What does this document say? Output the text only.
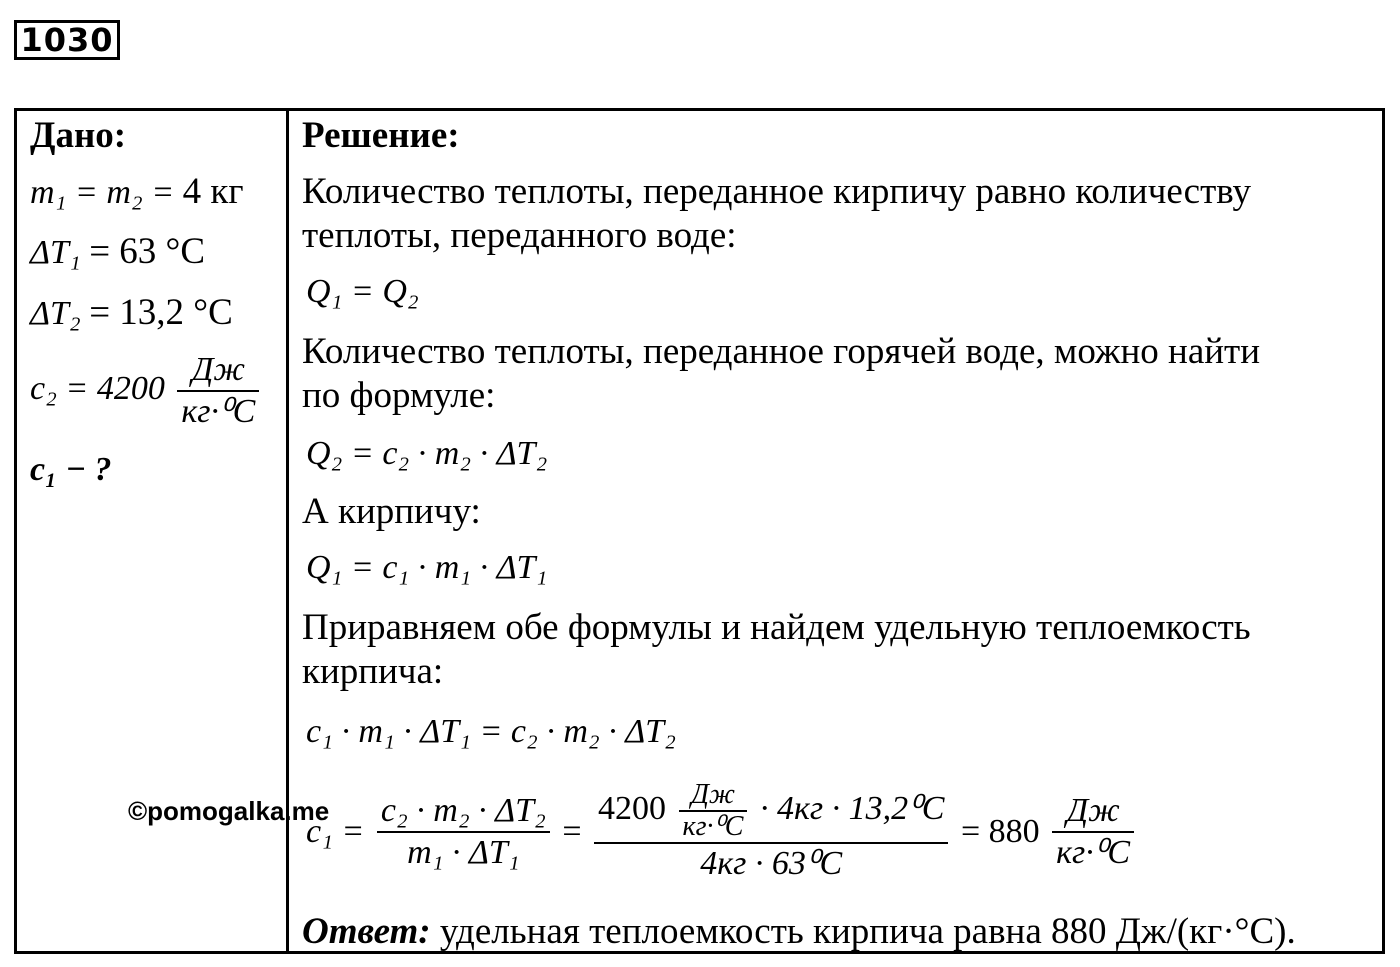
1030
Дано:
m₁ = m₂ = 4 кг
ΔT₁ = 63 °C
ΔT₂ = 13,2 °C
$c_2 = 4200 \frac{Дж}{\text{кг·⁰C}}$
c₁ − ?
Решение:
Количество теплоты, переданное кирпичу равно количеству
теплоты, переданного воде:
Q₁ = Q₂
Количество теплоты, переданное горячей воде, можно найти
по формуле:
Q₂ = c₂ · m₂ · ΔT₂
А кирпичу:
Q₁ = c₁ · m₁ · ΔT₁
Приравняем обе формулы и найдем удельную теплоемкость
кирпича:
c₁ · m₁ · ΔT₁ = c₂ · m₂ · ΔT₂
$c_1 = \frac{\text{c₂ · m₂ · ΔT₂}}{\text{m₁ · ΔT₁}}$ =
$4200 \frac{Дж}{\text{кг·⁰C}} \cdot 4кг \cdot 13,2^0C$
4кг · 63⁰C
= $880 \frac{Дж}{\text{кг·⁰C}}$
Ответ: удельная теплоемкость кирпича равна 880 Дж/(кг·°С).
©pomogalka.me
